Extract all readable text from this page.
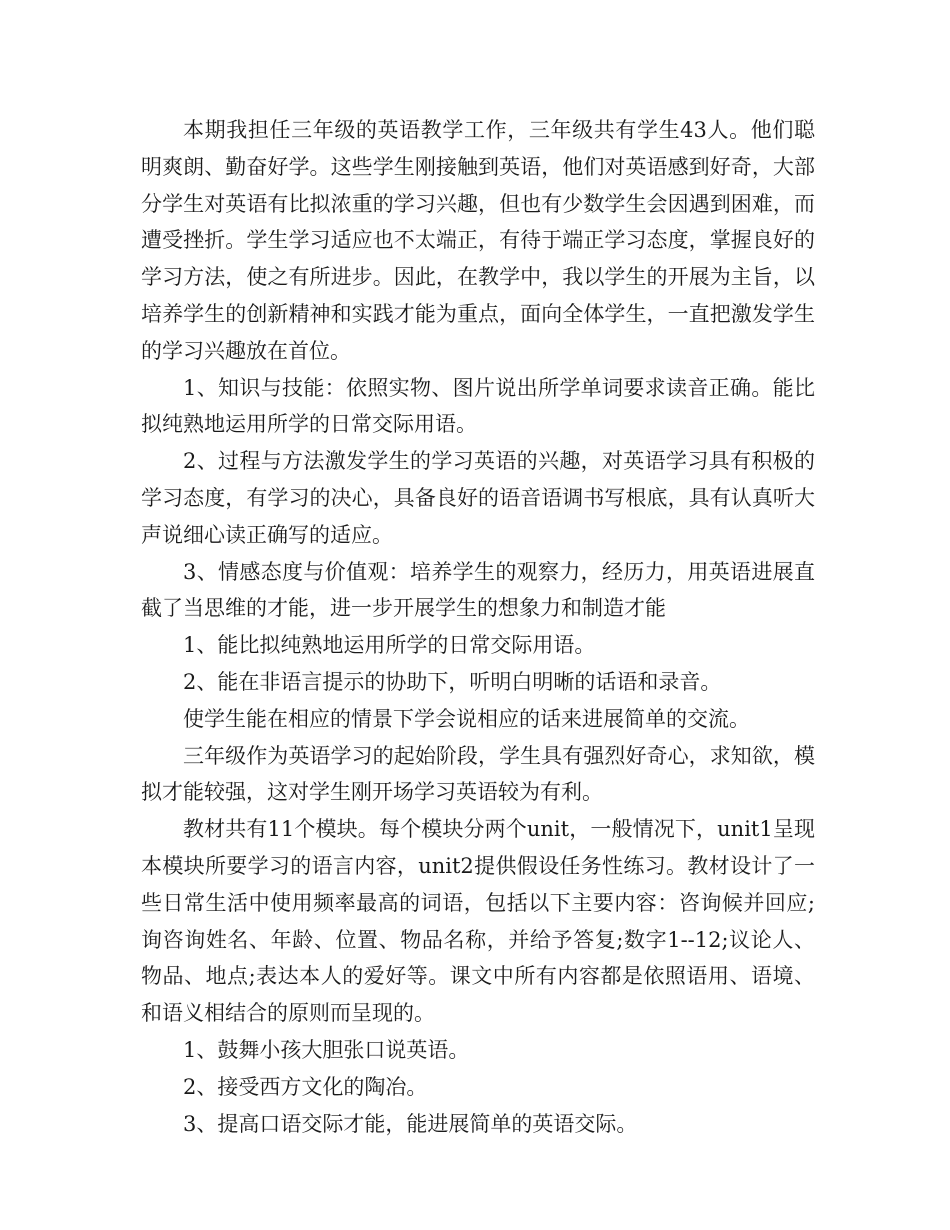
本期我担任三年级的英语教学工作，三年级共有学生43人。他们聪明爽朗、勤奋好学。这些学生刚接触到英语，他们对英语感到好奇，大部分学生对英语有比拟浓重的学习兴趣，但也有少数学生会因遇到困难，而遭受挫折。学生学习适应也不太端正，有待于端正学习态度，掌握良好的学习方法，使之有所进步。因此，在教学中，我以学生的开展为主旨，以培养学生的创新精神和实践才能为重点，面向全体学生，一直把激发学生的学习兴趣放在首位。

1、知识与技能：依照实物、图片说出所学单词要求读音正确。能比拟纯熟地运用所学的日常交际用语。

2、过程与方法激发学生的学习英语的兴趣，对英语学习具有积极的学习态度，有学习的决心，具备良好的语音语调书写根底，具有认真听大声说细心读正确写的适应。

3、情感态度与价值观：培养学生的观察力，经历力，用英语进展直截了当思维的才能，进一步开展学生的想象力和制造才能

1、能比拟纯熟地运用所学的日常交际用语。

2、能在非语言提示的协助下，听明白明晰的话语和录音。

使学生能在相应的情景下学会说相应的话来进展简单的交流。

三年级作为英语学习的起始阶段，学生具有强烈好奇心，求知欲，模拟才能较强，这对学生刚开场学习英语较为有利。

教材共有11个模块。每个模块分两个unit，一般情况下，unit1呈现本模块所要学习的语言内容，unit2提供假设任务性练习。教材设计了一些日常生活中使用频率最高的词语，包括以下主要内容：咨询候并回应;询咨询姓名、年龄、位置、物品名称，并给予答复;数字1--12;议论人、物品、地点;表达本人的爱好等。课文中所有内容都是依照语用、语境、和语义相结合的原则而呈现的。

1、鼓舞小孩大胆张口说英语。

2、接受西方文化的陶冶。

3、提高口语交际才能，能进展简单的英语交际。
